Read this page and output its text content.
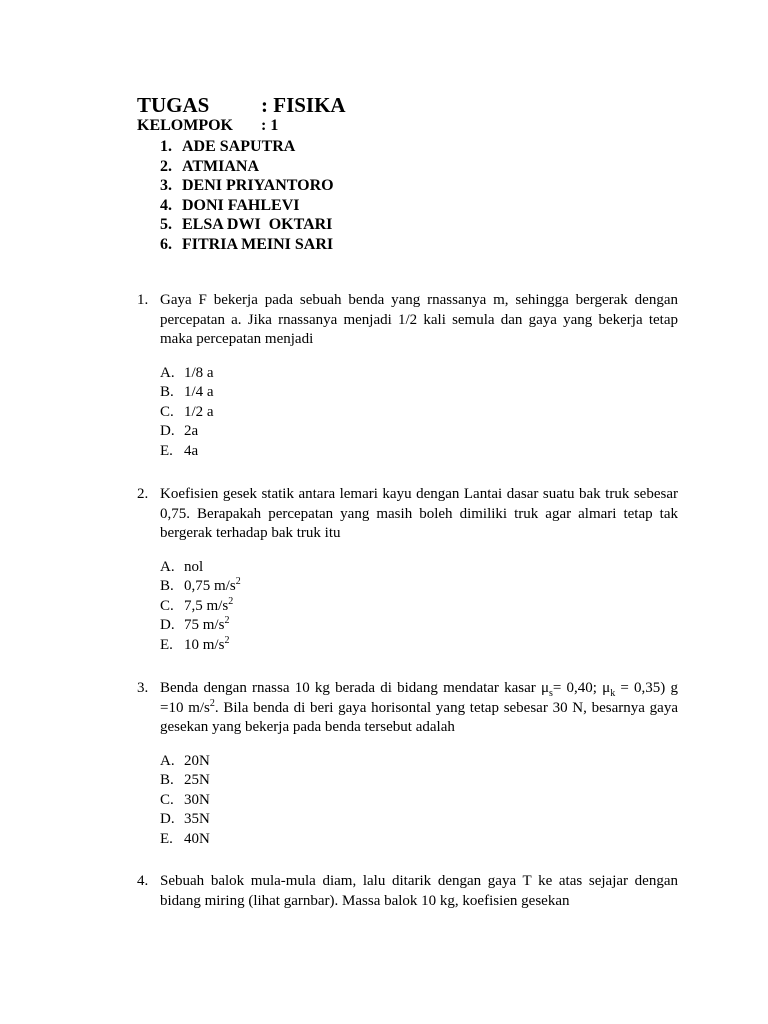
TUGAS : FISIKA
KELOMPOK : 1
1. ADE SAPUTRA
2. ATMIANA
3. DENI PRIYANTORO
4. DONI FAHLEVI
5. ELSA DWI  OKTARI
6. FITRIA MEINI SARI
1. Gaya F bekerja pada sebuah benda yang rnassanya m, sehingga bergerak dengan percepatan a. Jika rnassanya menjadi 1/2 kali semula dan gaya yang bekerja tetap maka percepatan menjadi
A. 1/8 a
B. 1/4 a
C. 1/2 a
D. 2a
E. 4a
2. Koefisien gesek statik antara lemari kayu dengan Lantai dasar suatu bak truk sebesar 0,75. Berapakah percepatan yang masih boleh dimiliki truk agar almari tetap tak bergerak terhadap bak truk itu
A. nol
B. 0,75 $m/s^2$
C. 7,5 $m/s^2$
D. 75 $m/s^2$
E. 10 $m/s^2$
3. Benda dengan rnassa 10 kg berada di bidang mendatar kasar $\mu_s= 0,40$; $\mu_k = 0,35$) g =10 $m/s^2$. Bila benda di beri gaya horisontal yang tetap sebesar 30 N, besarnya gaya gesekan yang bekerja pada benda tersebut adalah
A. 20N
B. 25N
C. 30N
D. 35N
E. 40N
4. Sebuah balok mula-mula diam, lalu ditarik dengan gaya T ke atas sejajar dengan bidang miring (lihat garnbar). Massa balok 10 kg, koefisien gesekan
